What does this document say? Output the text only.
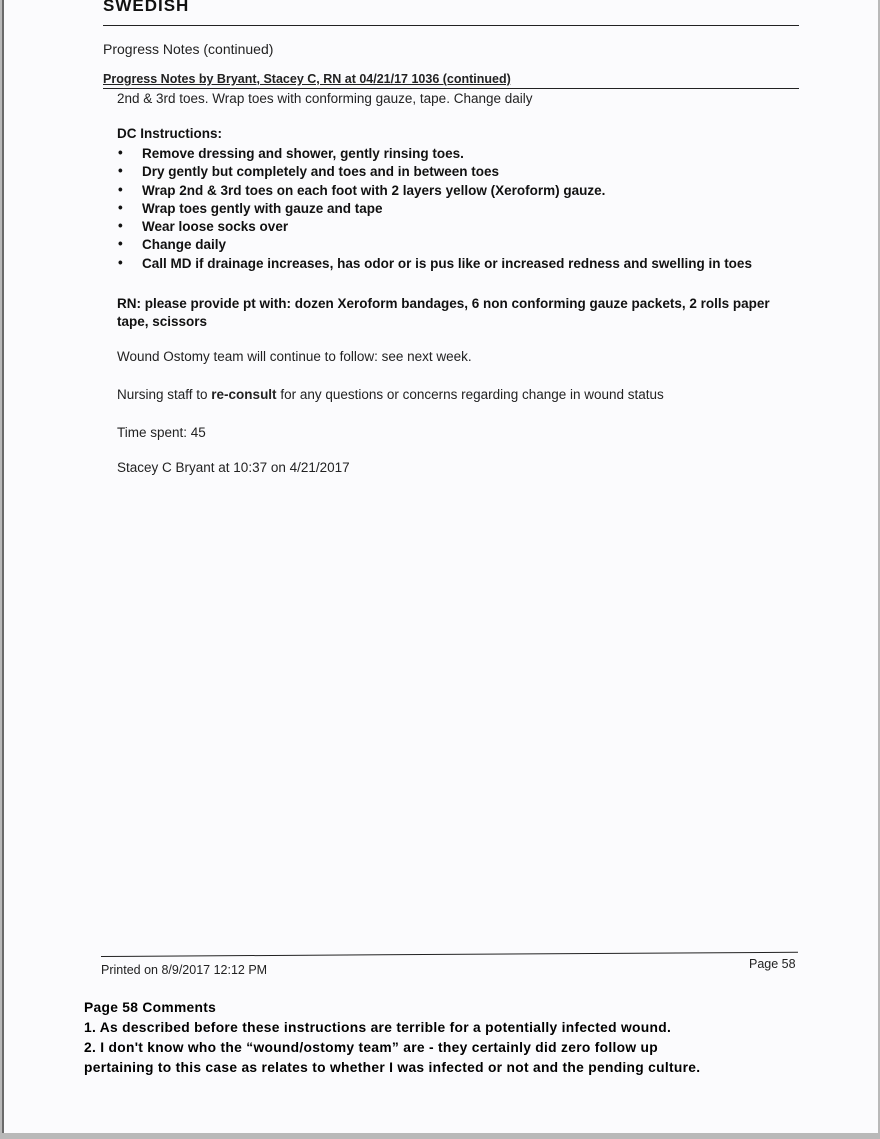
SWEDISH
Progress Notes (continued)
Progress Notes by Bryant, Stacey C, RN at 04/21/17 1036 (continued)
2nd & 3rd toes. Wrap toes with conforming gauze, tape. Change daily
DC Instructions:
• Remove dressing and shower, gently rinsing toes.
• Dry gently but completely and toes and in between toes
• Wrap 2nd & 3rd toes on each foot with 2 layers yellow (Xeroform) gauze.
• Wrap toes gently with gauze and tape
• Wear loose socks over
• Change daily
• Call MD if drainage increases, has odor or is pus like or increased redness and swelling in toes
RN: please provide pt with: dozen Xeroform bandages, 6 non conforming gauze packets, 2 rolls paper tape, scissors
Wound Ostomy team will continue to follow: see next week.
Nursing staff to re-consult for any questions or concerns regarding change in wound status
Time spent: 45
Stacey C Bryant at 10:37 on 4/21/2017
Printed on 8/9/2017 12:12 PM	Page 58
Page 58 Comments
1. As described before these instructions are terrible for a potentially infected wound.
2. I don't know who the “wound/ostomy team” are - they certainly did zero follow up
pertaining to this case as relates to whether I was infected or not and the pending culture.
